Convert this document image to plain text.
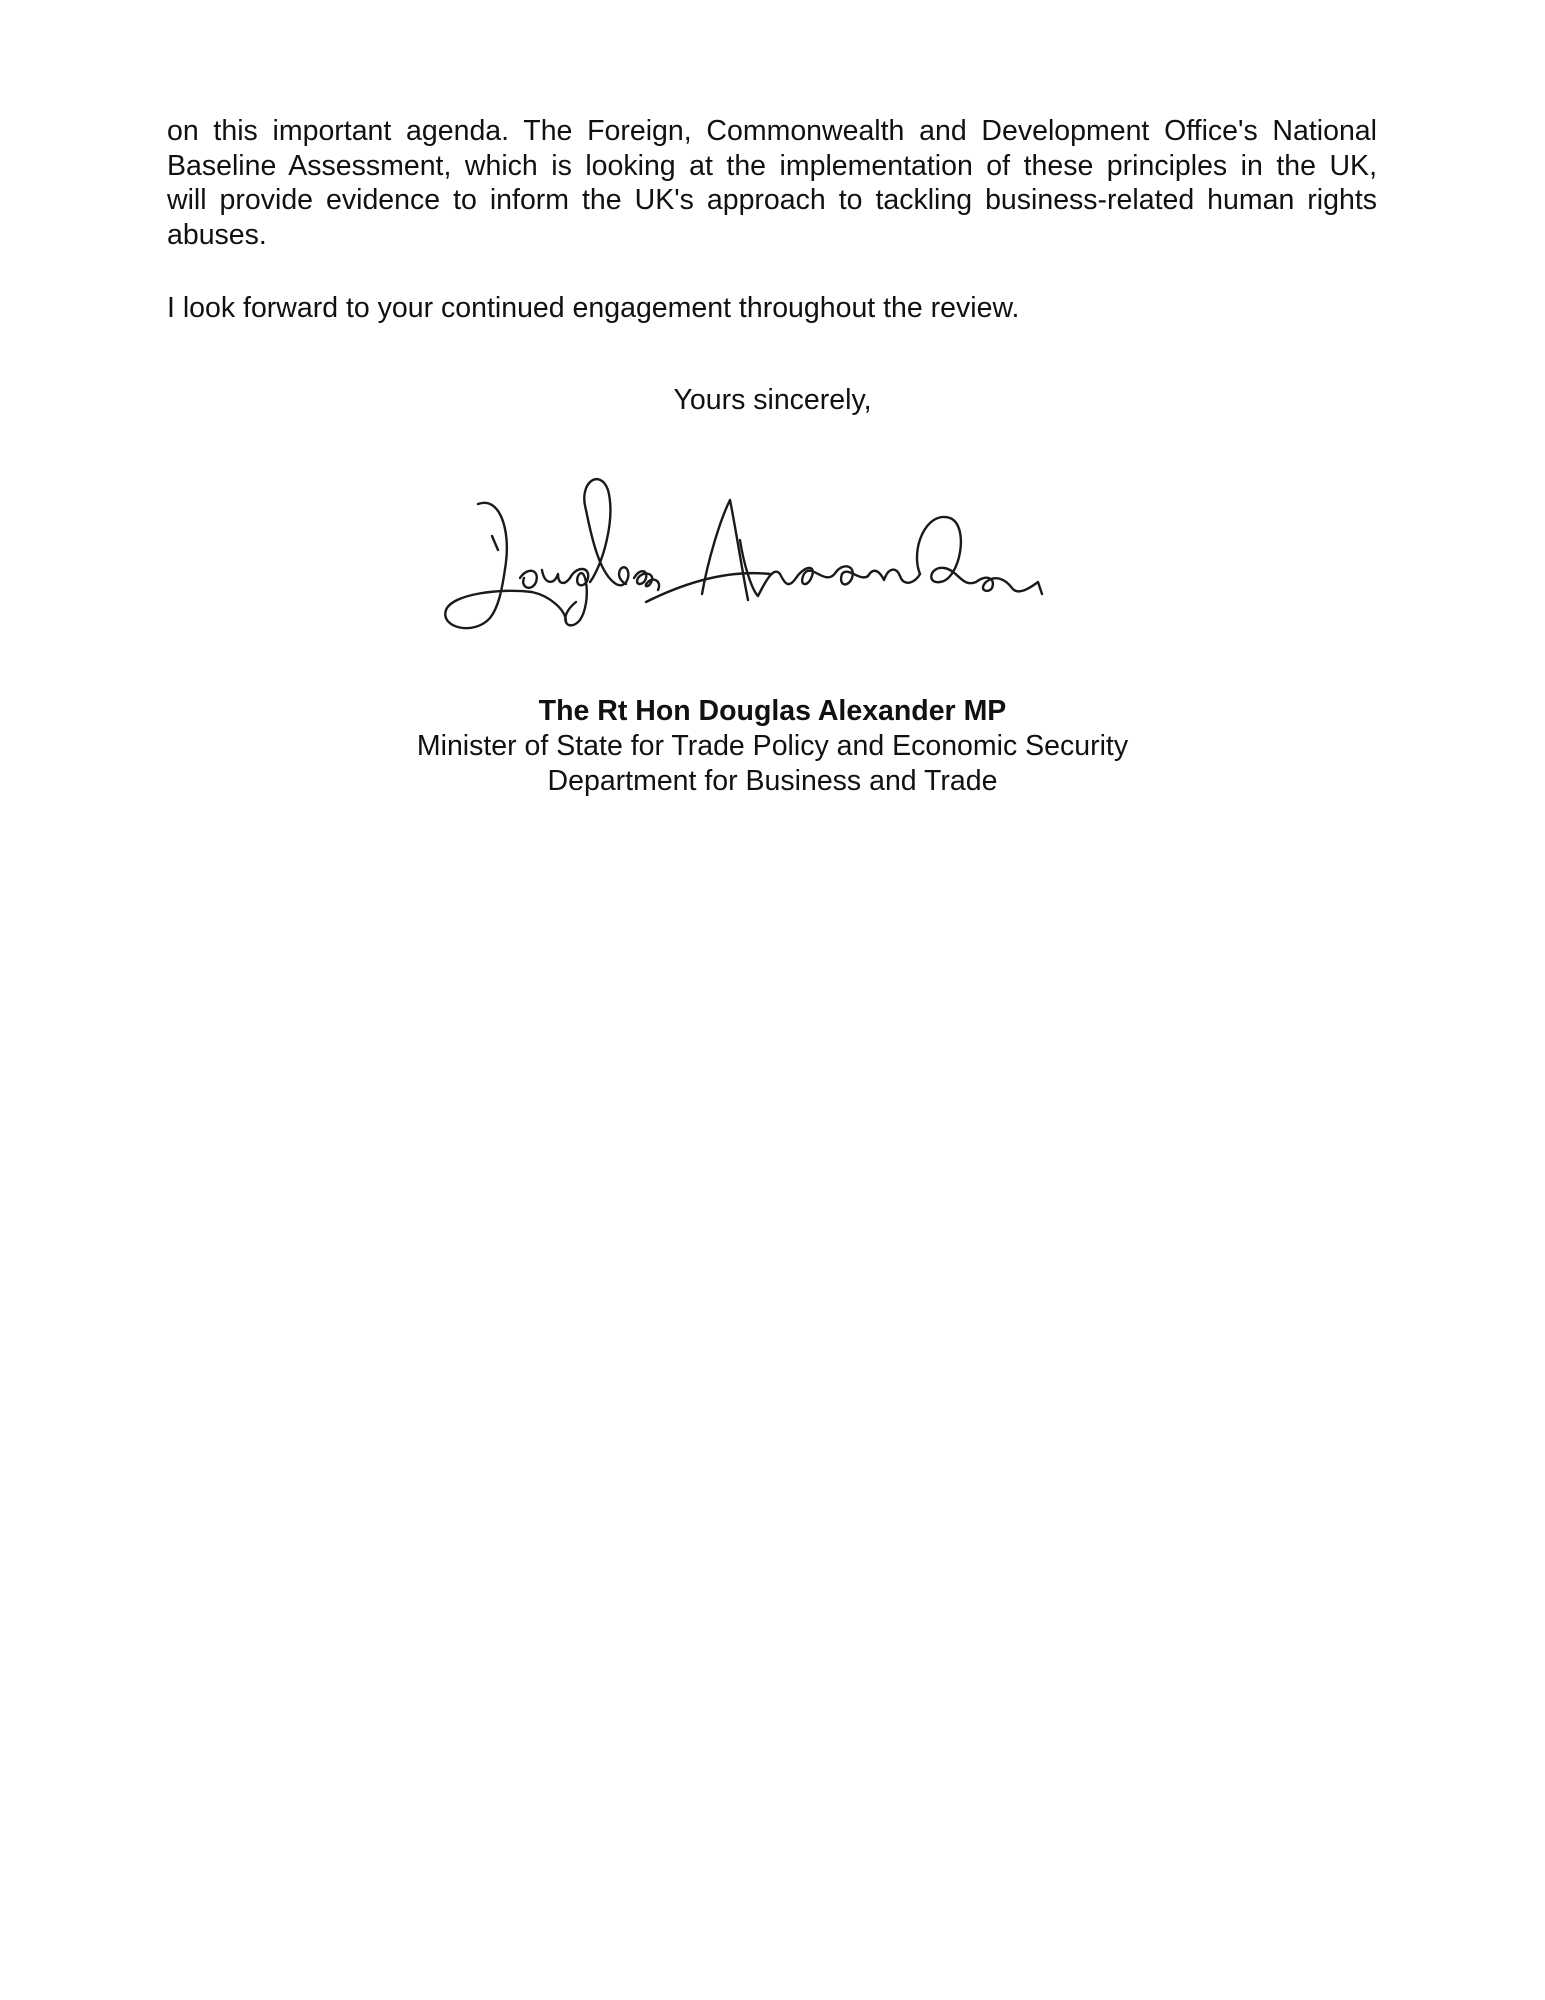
on this important agenda. The Foreign, Commonwealth and Development Office's National
Baseline Assessment, which is looking at the implementation of these principles in the UK,
will provide evidence to inform the UK's approach to tackling business-related human rights
abuses.

I look forward to your continued engagement throughout the review.

Yours sincerely,

The Rt Hon Douglas Alexander MP
Minister of State for Trade Policy and Economic Security
Department for Business and Trade
